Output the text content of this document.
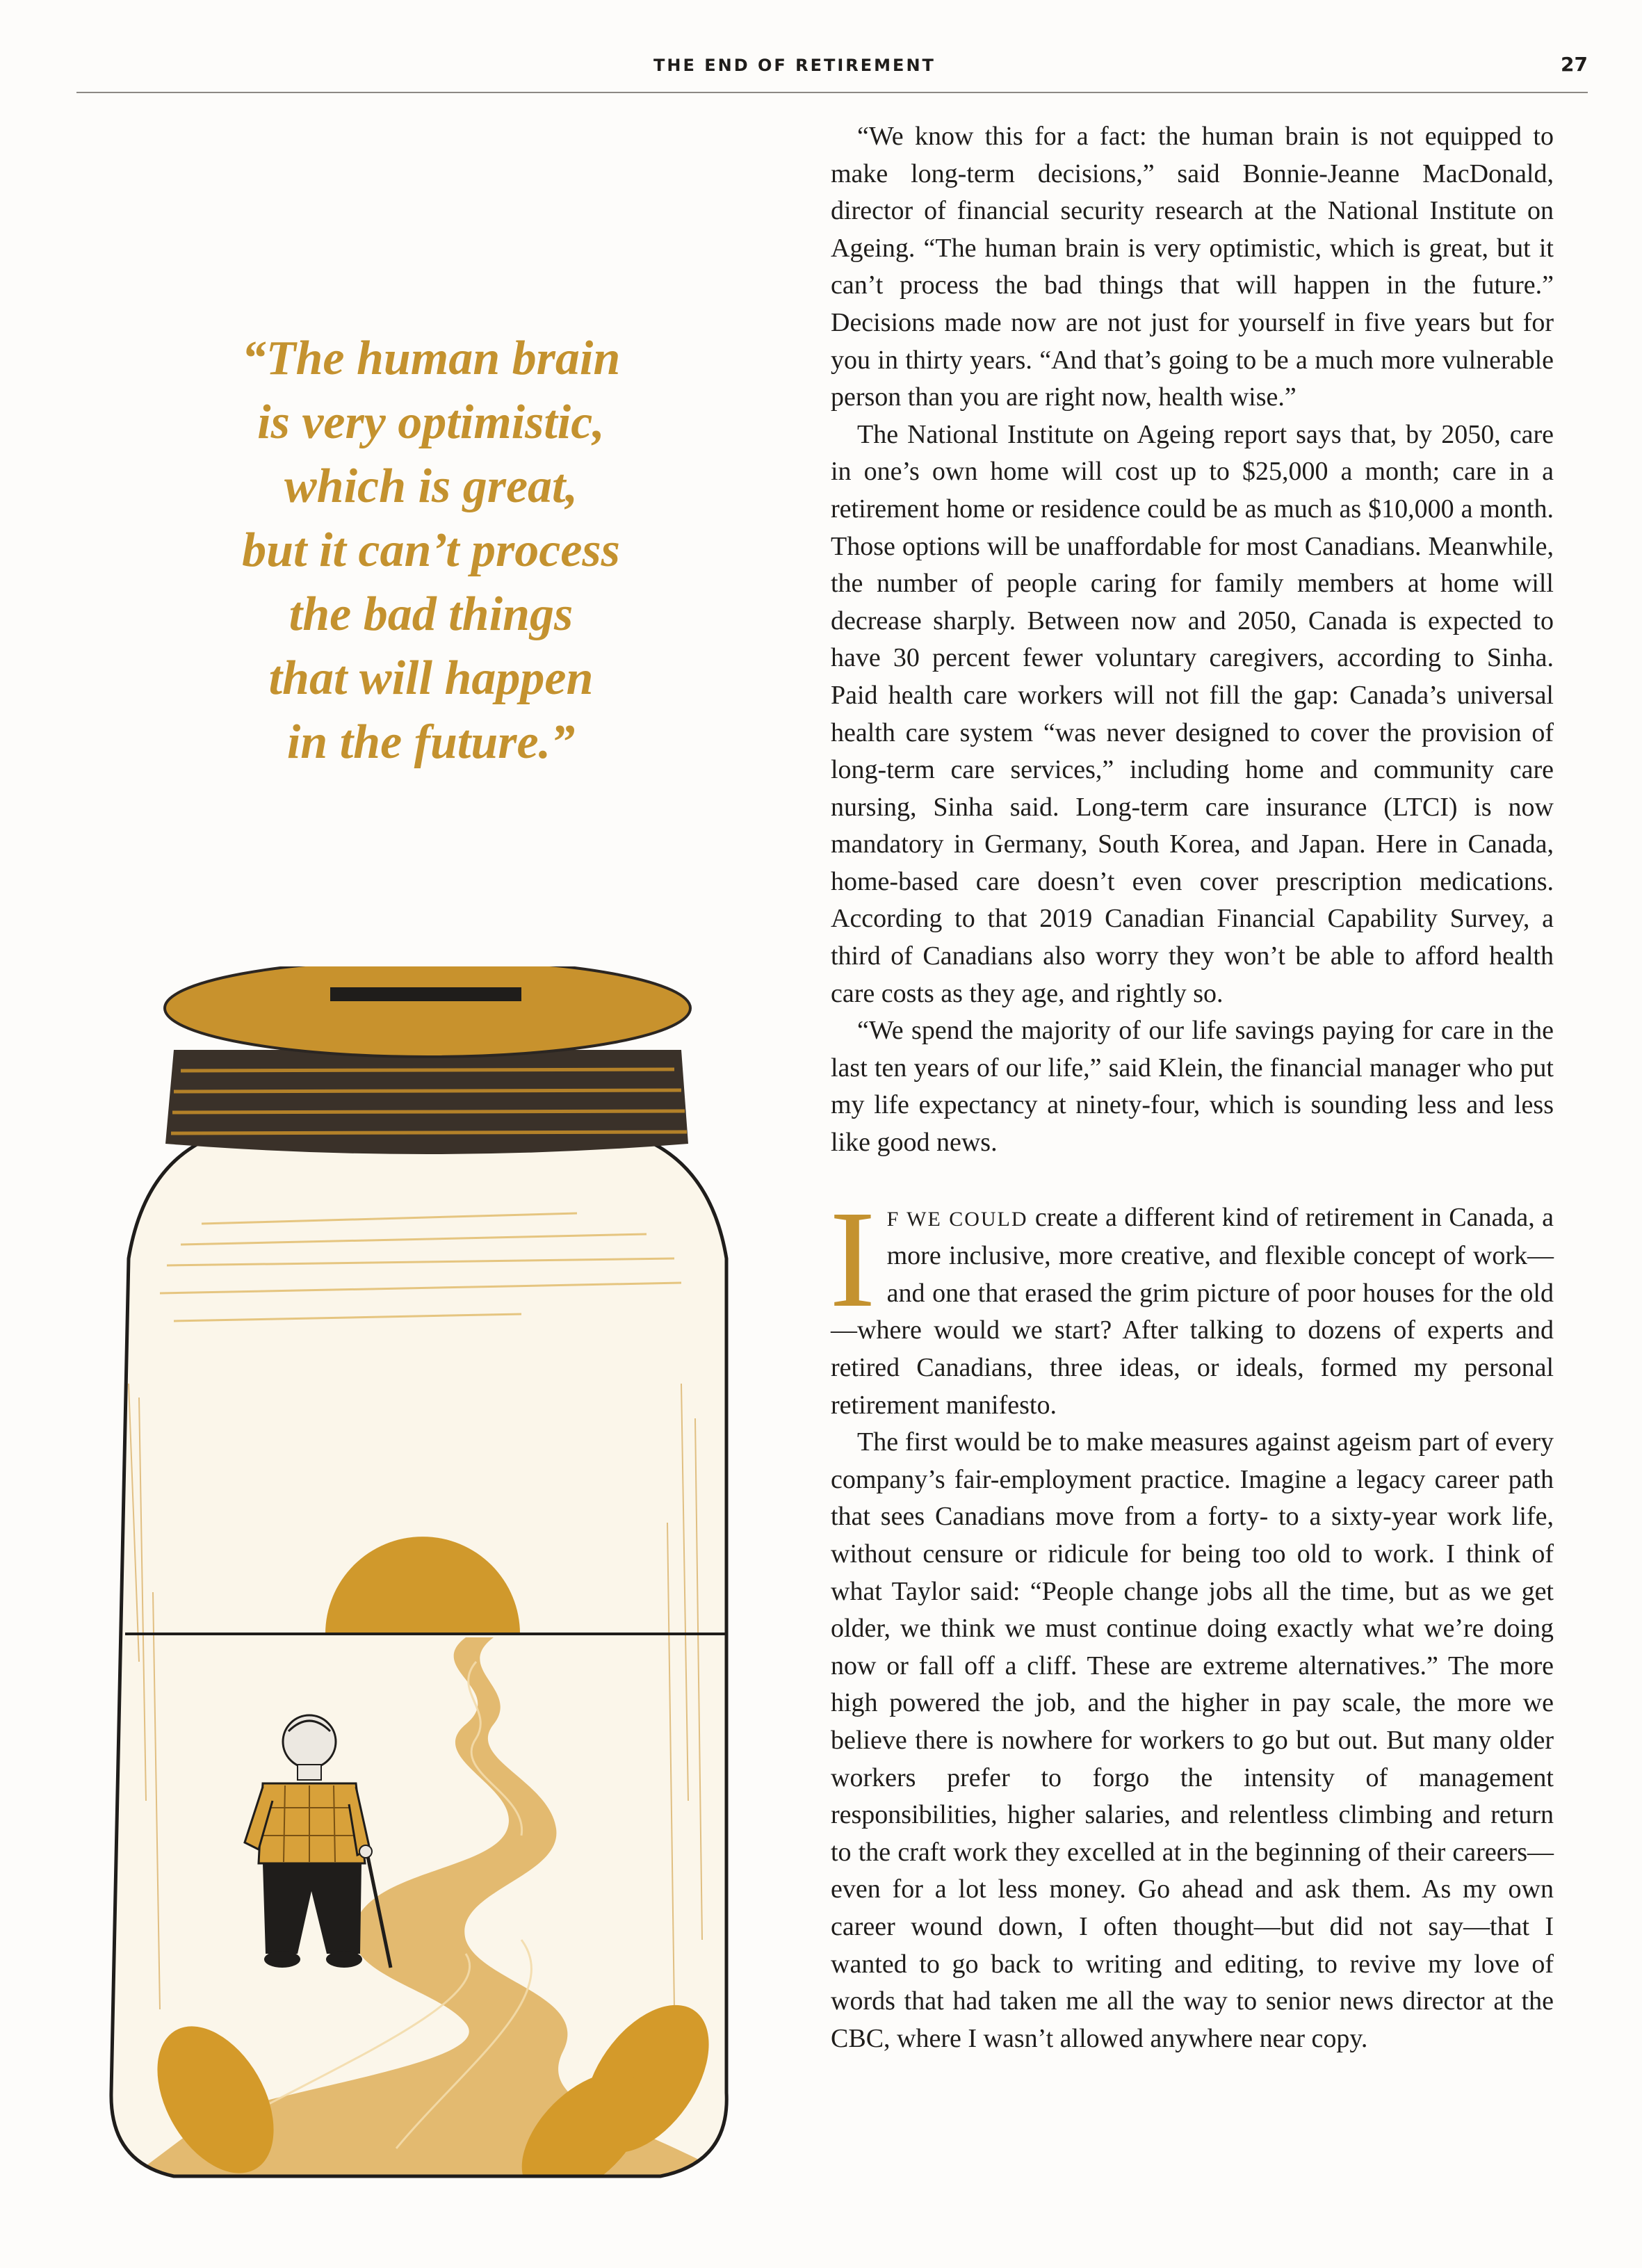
THE END OF RETIREMENT	27
“The human brain
is very optimistic,
which is great,
but it can’t process
the bad things
that will happen
in the future.”

“We know this for a fact: the human brain is not equipped to make long-term decisions,” said Bonnie-Jeanne MacDonald, director of financial security research at the National Institute on Ageing. “The human brain is very optimistic, which is great, but it can’t process the bad things that will happen in the future.” Decisions made now are not just for yourself in five years but for you in thirty years. “And that’s going to be a much more vulnerable person than you are right now, health wise.”

The National Institute on Ageing report says that, by 2050, care in one’s own home will cost up to $25,000 a month; care in a retirement home or residence could be as much as $10,000 a month. Those options will be unaffordable for most Canadians. Meanwhile, the number of people caring for family members at home will decrease sharply. Between now and 2050, Canada is expected to have 30 percent fewer voluntary caregivers, according to Sinha. Paid health care workers will not fill the gap: Canada’s universal health care system “was never designed to cover the provision of long-term care services,” including home and community care nursing, Sinha said. Long-term care insurance (LTCI) is now mandatory in Germany, South Korea, and Japan. Here in Canada, home-based care doesn’t even cover prescription medications. According to that 2019 Canadian Financial Capability Survey, a third of Canadians also worry they won’t be able to afford health care costs as they age, and rightly so.

“We spend the majority of our life savings paying for care in the last ten years of our life,” said Klein, the financial manager who put my life expectancy at ninety-four, which is sounding less and less like good news.

I F WE COULD create a different kind of retirement in Canada, a more inclusive, more creative, and flexible concept of work—and one that erased the grim picture of poor houses for the old—where would we start? After talking to dozens of experts and retired Canadians, three ideas, or ideals, formed my personal retirement manifesto.

The first would be to make measures against ageism part of every company’s fair-employment practice. Imagine a legacy career path that sees Canadians move from a forty- to a sixty-year work life, without censure or ridicule for being too old to work. I think of what Taylor said: “People change jobs all the time, but as we get older, we think we must continue doing exactly what we’re doing now or fall off a cliff. These are extreme alternatives.” The more high powered the job, and the higher in pay scale, the more we believe there is nowhere for workers to go but out. But many older workers prefer to forgo the intensity of management responsibilities, higher salaries, and relentless climbing and return to the craft work they excelled at in the beginning of their careers—even for a lot less money. Go ahead and ask them. As my own career wound down, I often thought—but did not say—that I wanted to go back to writing and editing, to revive my love of words that had taken me all the way to senior news director at the CBC, where I wasn’t allowed anywhere near copy.
